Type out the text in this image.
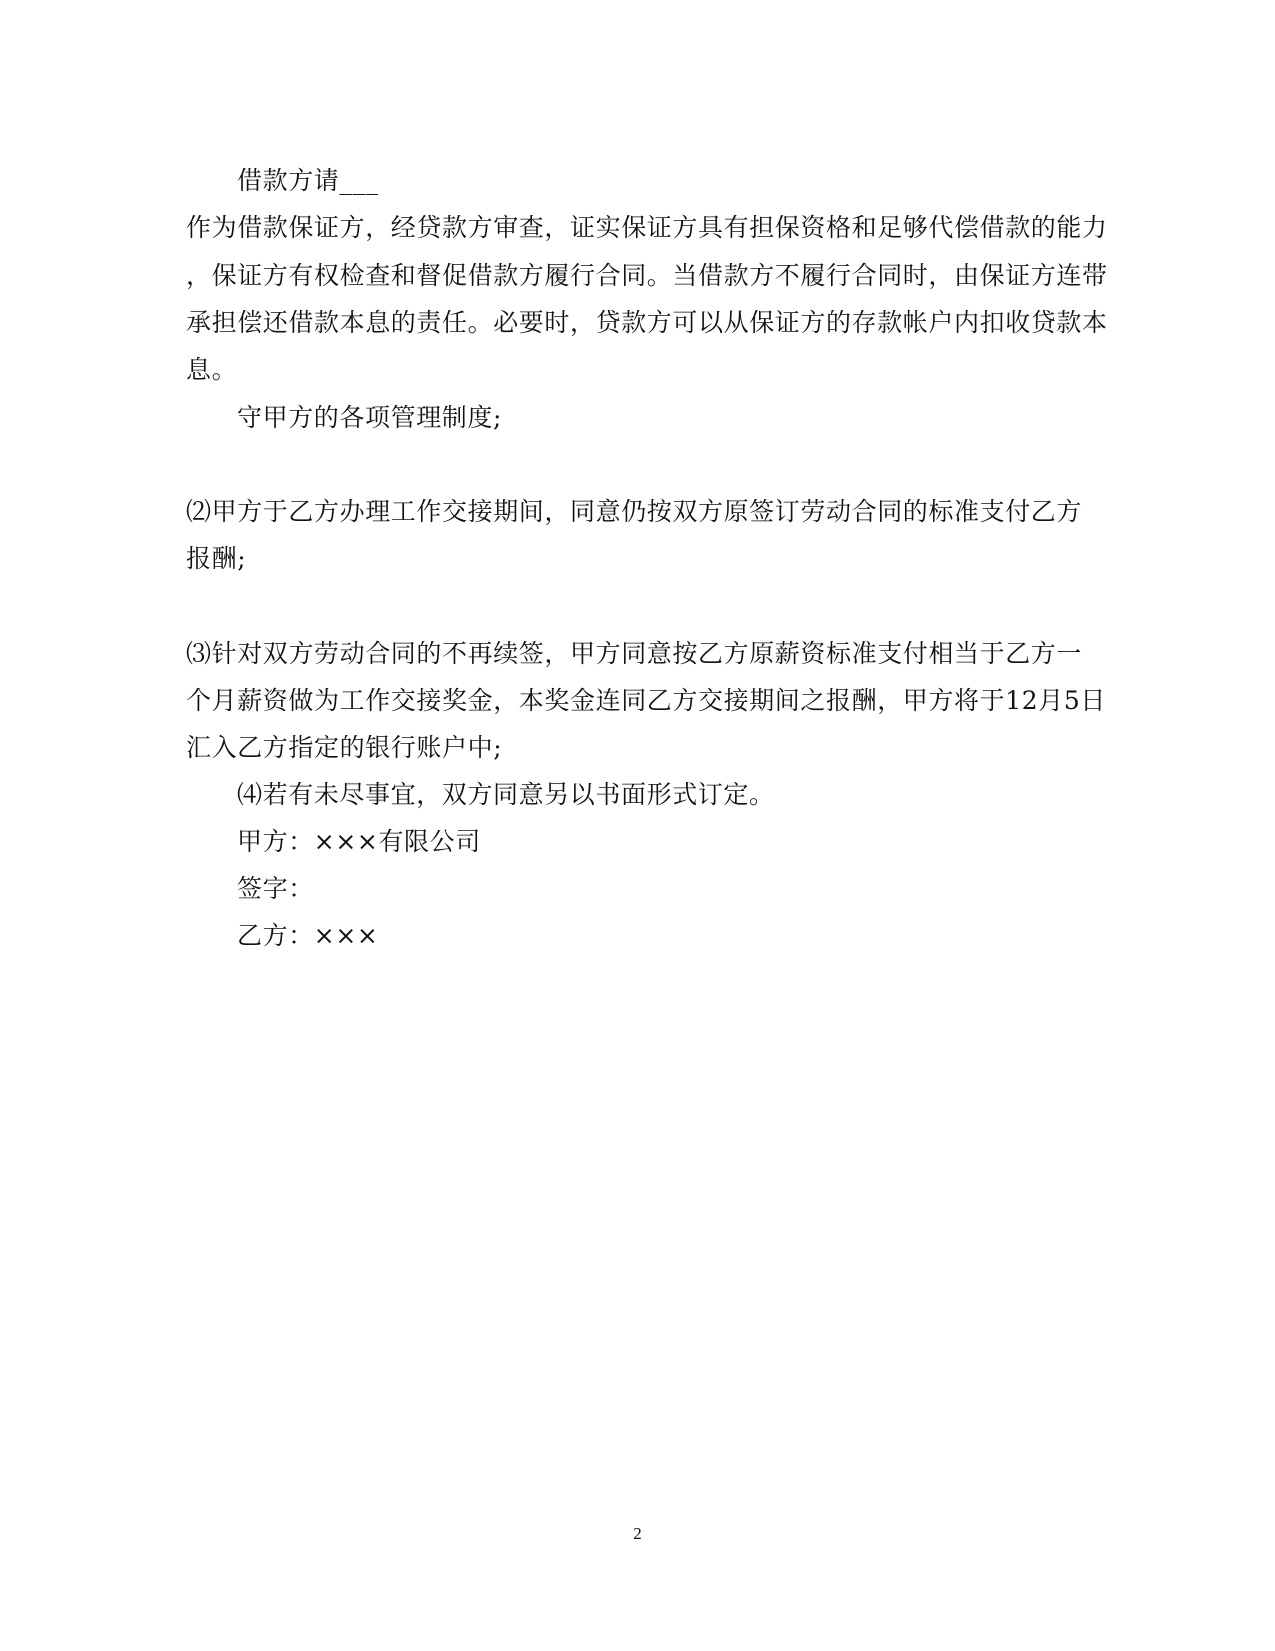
借款方请___
作为借款保证方，经贷款方审查，证实保证方具有担保资格和足够代偿借款的能力
，保证方有权检查和督促借款方履行合同。当借款方不履行合同时，由保证方连带
承担偿还借款本息的责任。必要时，贷款方可以从保证方的存款帐户内扣收贷款本
息。
守甲方的各项管理制度;
⑵甲方于乙方办理工作交接期间，同意仍按双方原签订劳动合同的标准支付乙方
报酬;
⑶针对双方劳动合同的不再续签，甲方同意按乙方原薪资标准支付相当于乙方一
个月薪资做为工作交接奖金，本奖金连同乙方交接期间之报酬，甲方将于12月5日
汇入乙方指定的银行账户中;
⑷若有未尽事宜，双方同意另以书面形式订定。
甲方：×××有限公司
签字：
乙方：×××
2
